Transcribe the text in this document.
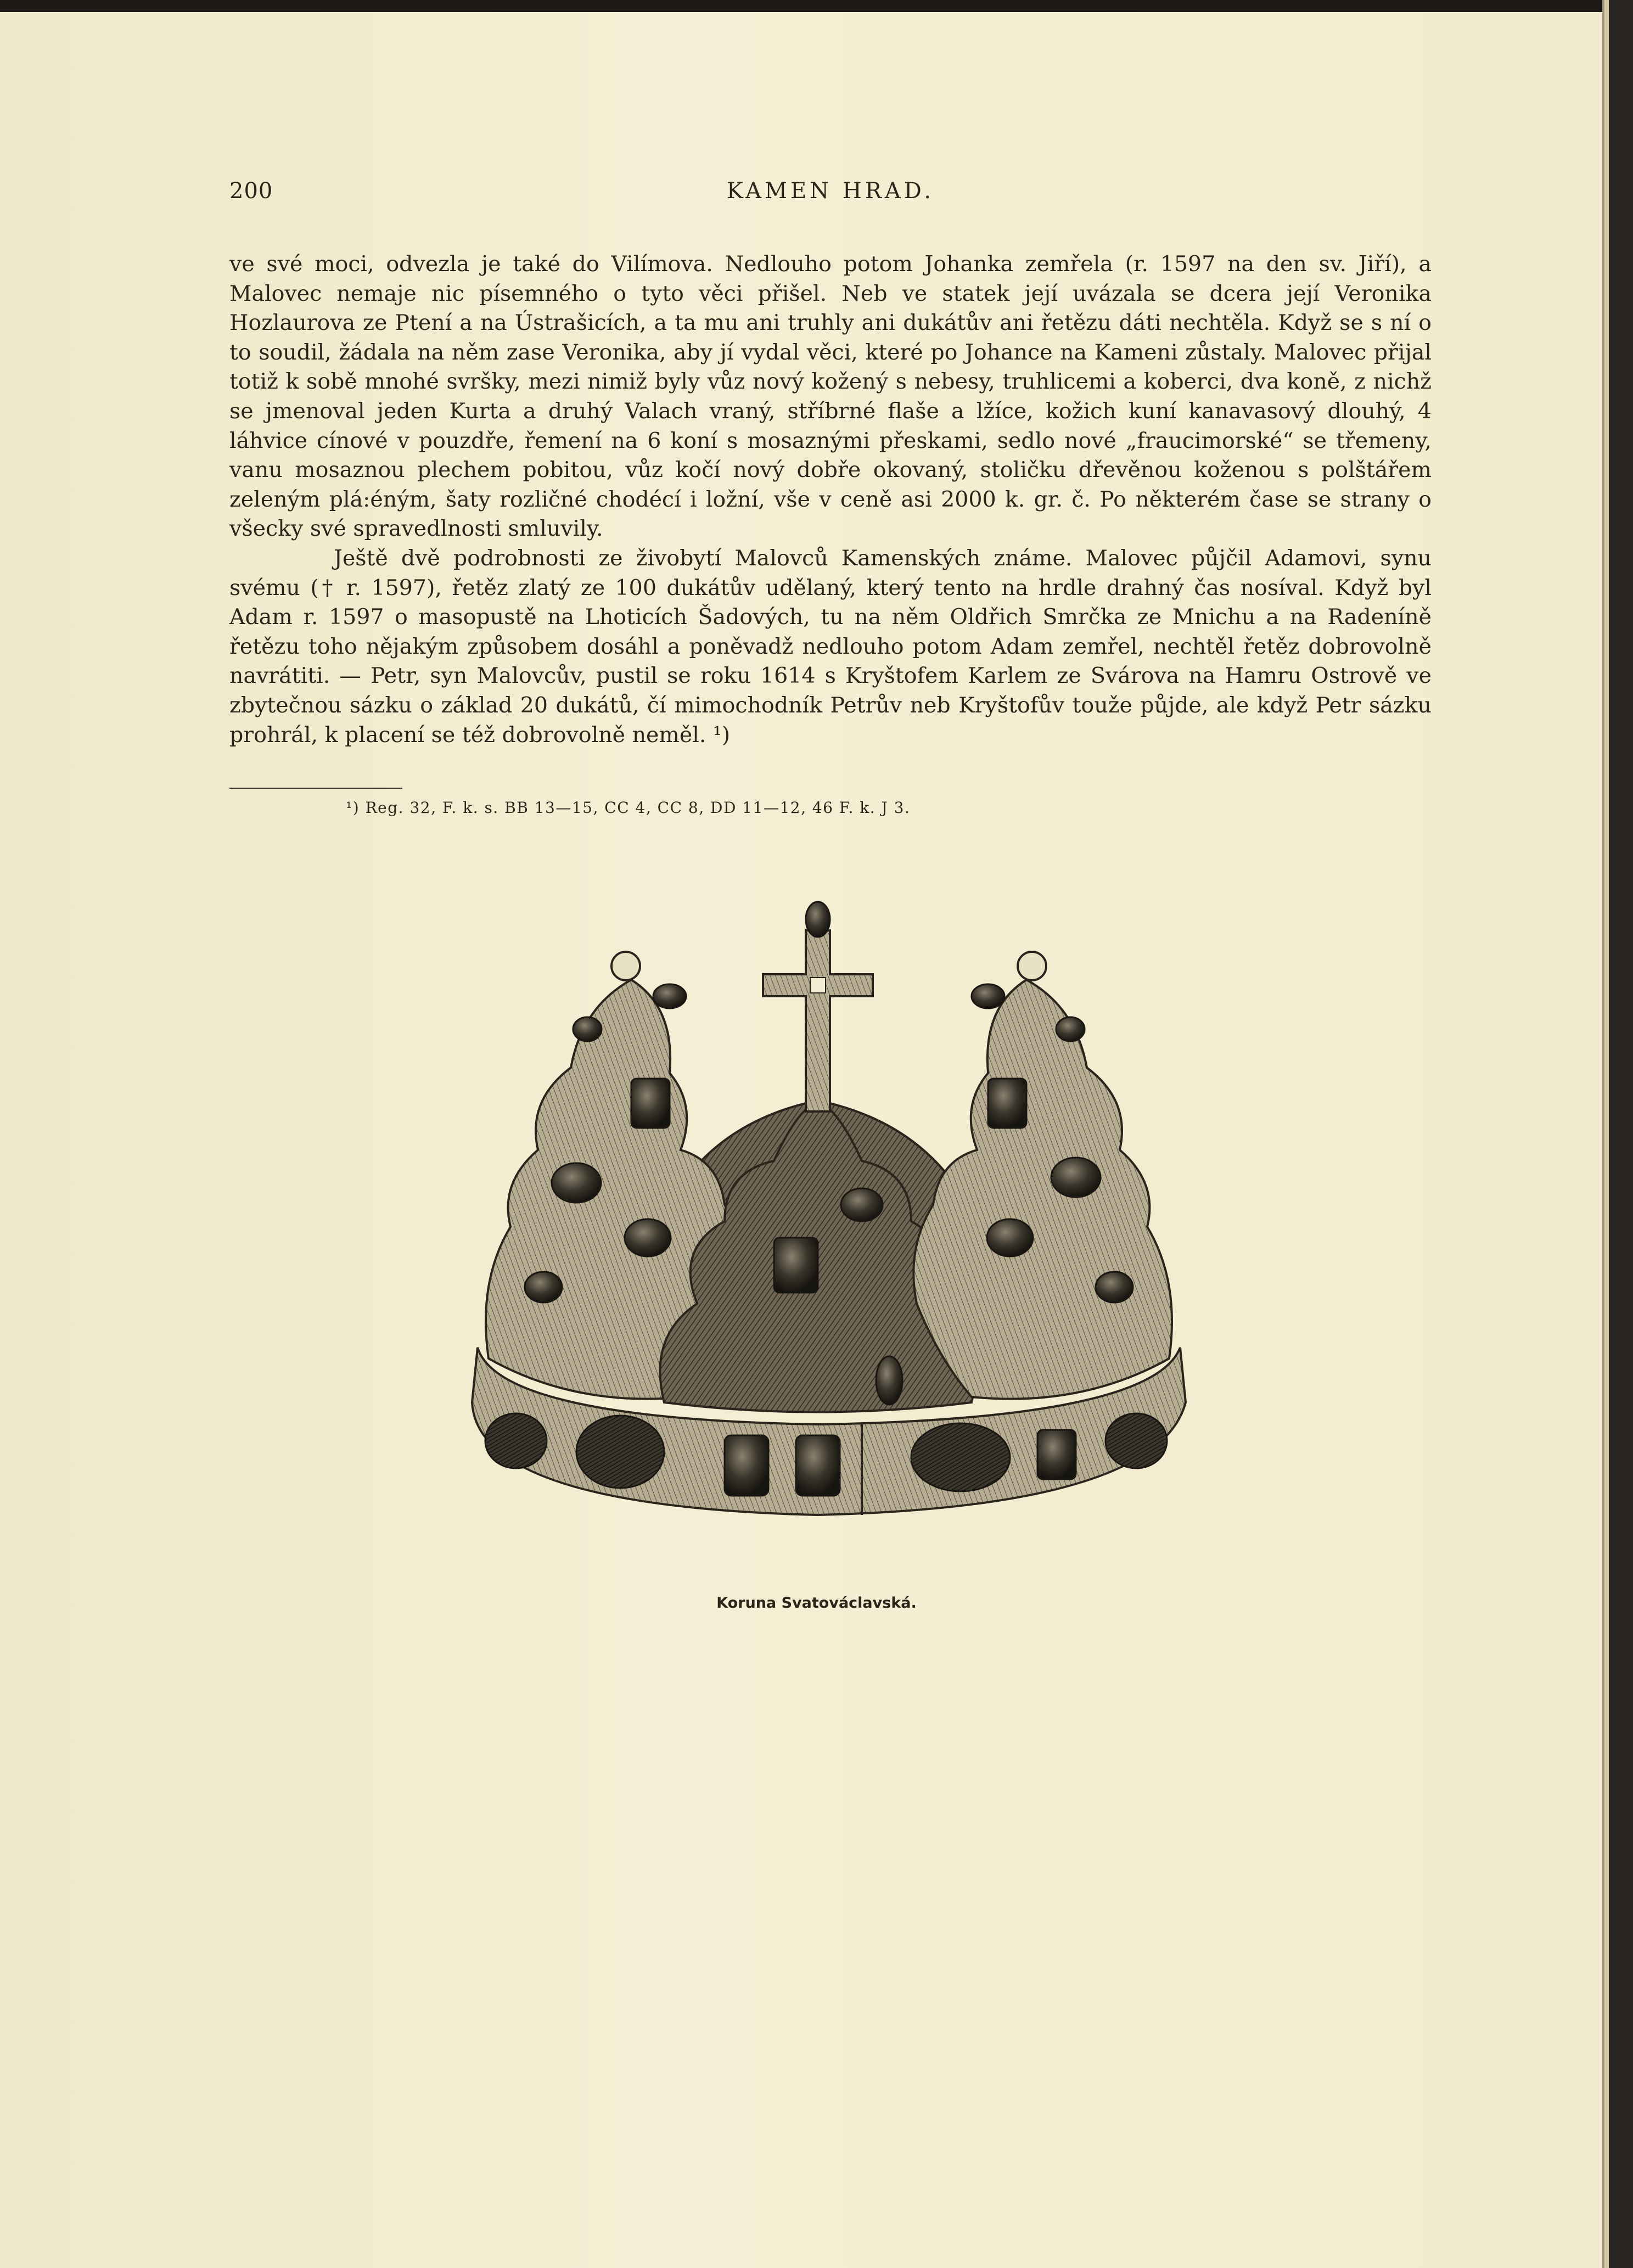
200	KAMEN HRAD.

ve své moci, odvezla je také do Vilímova. Nedlouho potom Johanka zemřela (r. 1597 na den sv. Jiří), a Malovec nemaje nic písemného o tyto věci přišel. Neb ve statek její uvázala se dcera její Veronika Hozlaurova ze Ptení a na Ústrašicích, a ta mu ani truhly ani dukátův ani řetězu dáti nechtěla. Když se s ní o to soudil, žádala na něm zase Veronika, aby jí vydal věci, které po Johance na Kameni zůstaly. Malovec přijal totiž k sobě mnohé svršky, mezi nimiž byly vůz nový kožený s nebesy, truhlicemi a koberci, dva koně, z nichž se jmenoval jeden Kurta a druhý Valach vraný, stříbrné flaše a lžíce, kožich kuní kanavasový dlouhý, 4 láhvice cínové v pouzdře, řemení na 6 koní s mosaznými přeskami, sedlo nové „fraucimorské“ se třemeny, vanu mosaznou plechem pobitou, vůz kočí nový dobře okovaný, stoličku dřevěnou koženou s polštářem zeleným plá:éným, šaty rozličné chodécí i ložní, vše v ceně asi 2000 k. gr. č. Po některém čase se strany o všecky své spravedlnosti smluvily.

Ještě dvě podrobnosti ze živobytí Malovců Kamenských známe. Malovec půjčil Adamovi, synu svému († r. 1597), řetěz zlatý ze 100 dukátův udělaný, který tento na hrdle drahný čas nosíval. Když byl Adam r. 1597 o masopustě na Lhoticích Šadových, tu na něm Oldřich Smrčka ze Mnichu a na Radeníně řetězu toho nějakým způsobem dosáhl a poněvadž nedlouho potom Adam zemřel, nechtěl řetěz dobrovolně navrátiti. — Petr, syn Malovcův, pustil se roku 1614 s Kryštofem Karlem ze Svárova na Hamru Ostrově ve zbytečnou sázku o základ 20 dukátů, čí mimochodník Petrův neb Kryštofův touže půjde, ale když Petr sázku prohrál, k placení se též dobrovolně neměl. ¹)

¹) Reg. 32, F. k. s. BB 13—15, CC 4, CC 8, DD 11—12, 46 F. k. J 3.
Koruna Svatováclavská.
